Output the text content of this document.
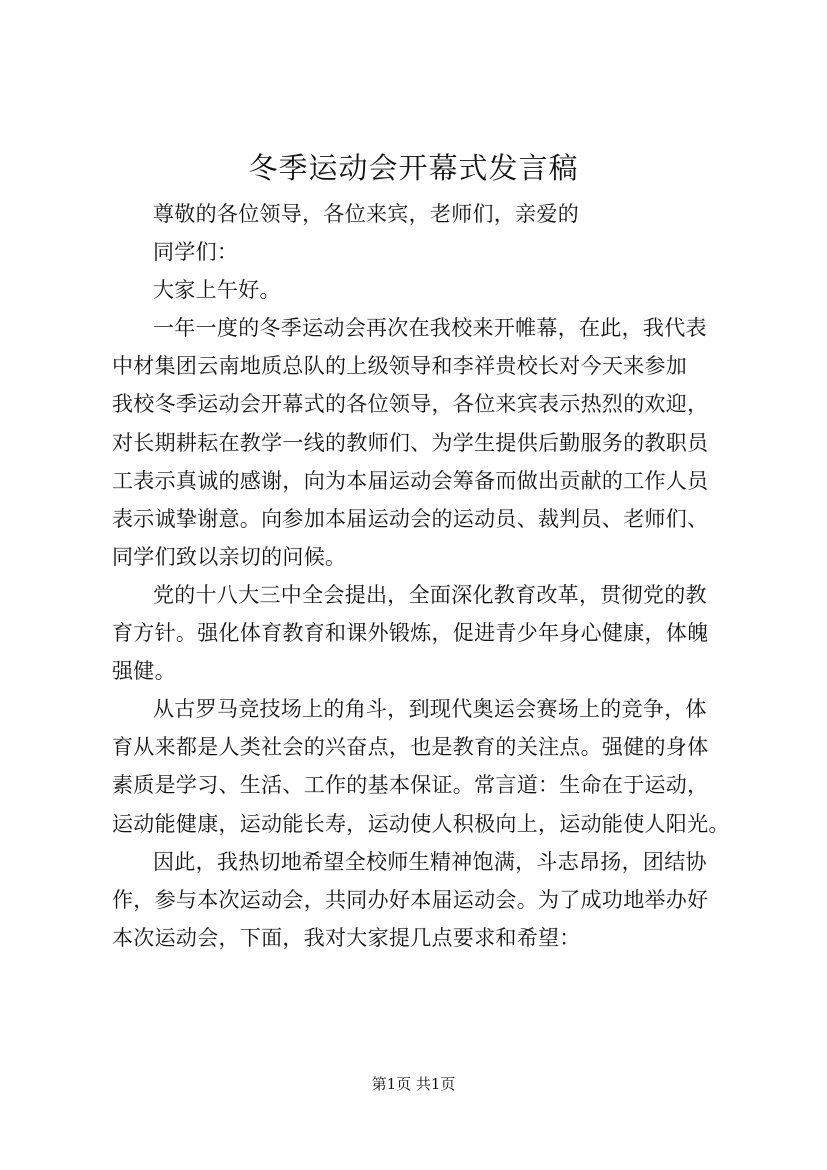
冬季运动会开幕式发言稿
尊敬的各位领导，各位来宾，老师们，亲爱的
同学们：
大家上午好。
一年一度的冬季运动会再次在我校来开帷幕，在此，我代表
中材集团云南地质总队的上级领导和李祥贵校长对今天来参加
我校冬季运动会开幕式的各位领导，各位来宾表示热烈的欢迎，
对长期耕耘在教学一线的教师们、为学生提供后勤服务的教职员
工表示真诚的感谢，向为本届运动会筹备而做出贡献的工作人员
表示诚挚谢意。向参加本届运动会的运动员、裁判员、老师们、
同学们致以亲切的问候。
党的十八大三中全会提出，全面深化教育改革，贯彻党的教
育方针。强化体育教育和课外锻炼，促进青少年身心健康，体魄
强健。
从古罗马竞技场上的角斗，到现代奥运会赛场上的竞争，体
育从来都是人类社会的兴奋点，也是教育的关注点。强健的身体
素质是学习、生活、工作的基本保证。常言道：生命在于运动，
运动能健康，运动能长寿，运动使人积极向上，运动能使人阳光。
因此，我热切地希望全校师生精神饱满，斗志昂扬，团结协
作，参与本次运动会，共同办好本届运动会。为了成功地举办好
本次运动会，下面，我对大家提几点要求和希望：
第1页 共1页
